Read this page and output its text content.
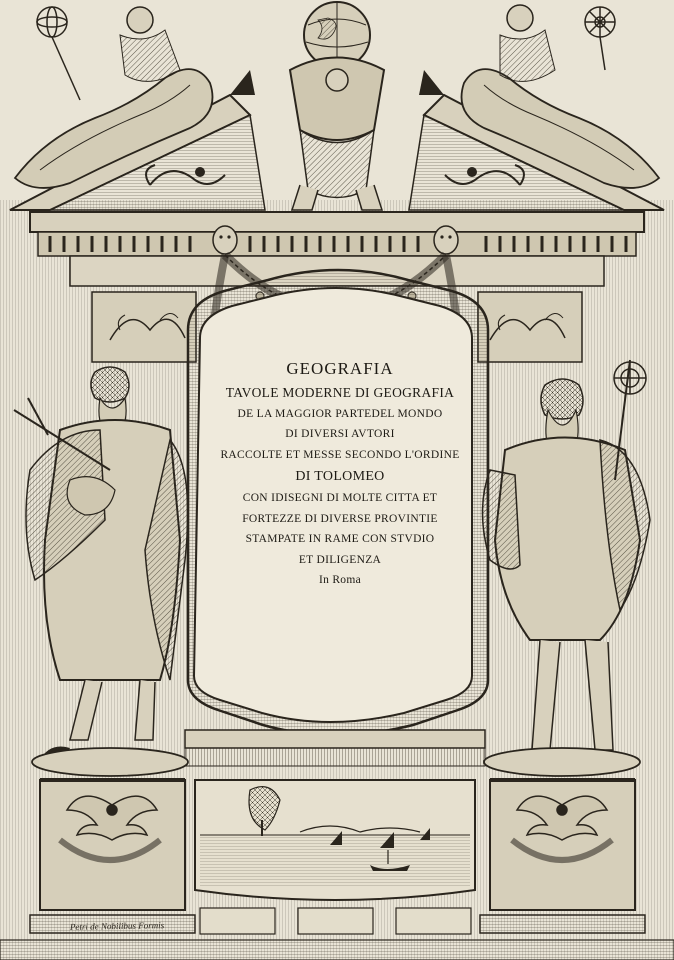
GEOGRAFIA
TAVOLE MODERNE DI GEOGRAFIA
DE LA MAGGIOR PARTEDEL MONDO
DI DIVERSI AVTORI
RACCOLTE ET MESSE SECONDO L'ORDINE
DI TOLOMEO
CON IDISEGNI DI MOLTE CITTA ET
FORTEZZE DI DIVERSE PROVINTIE
STAMPATE IN RAME CON STVDIO
ET DILIGENZA
In Roma
Petri de Nobilibus Formis
